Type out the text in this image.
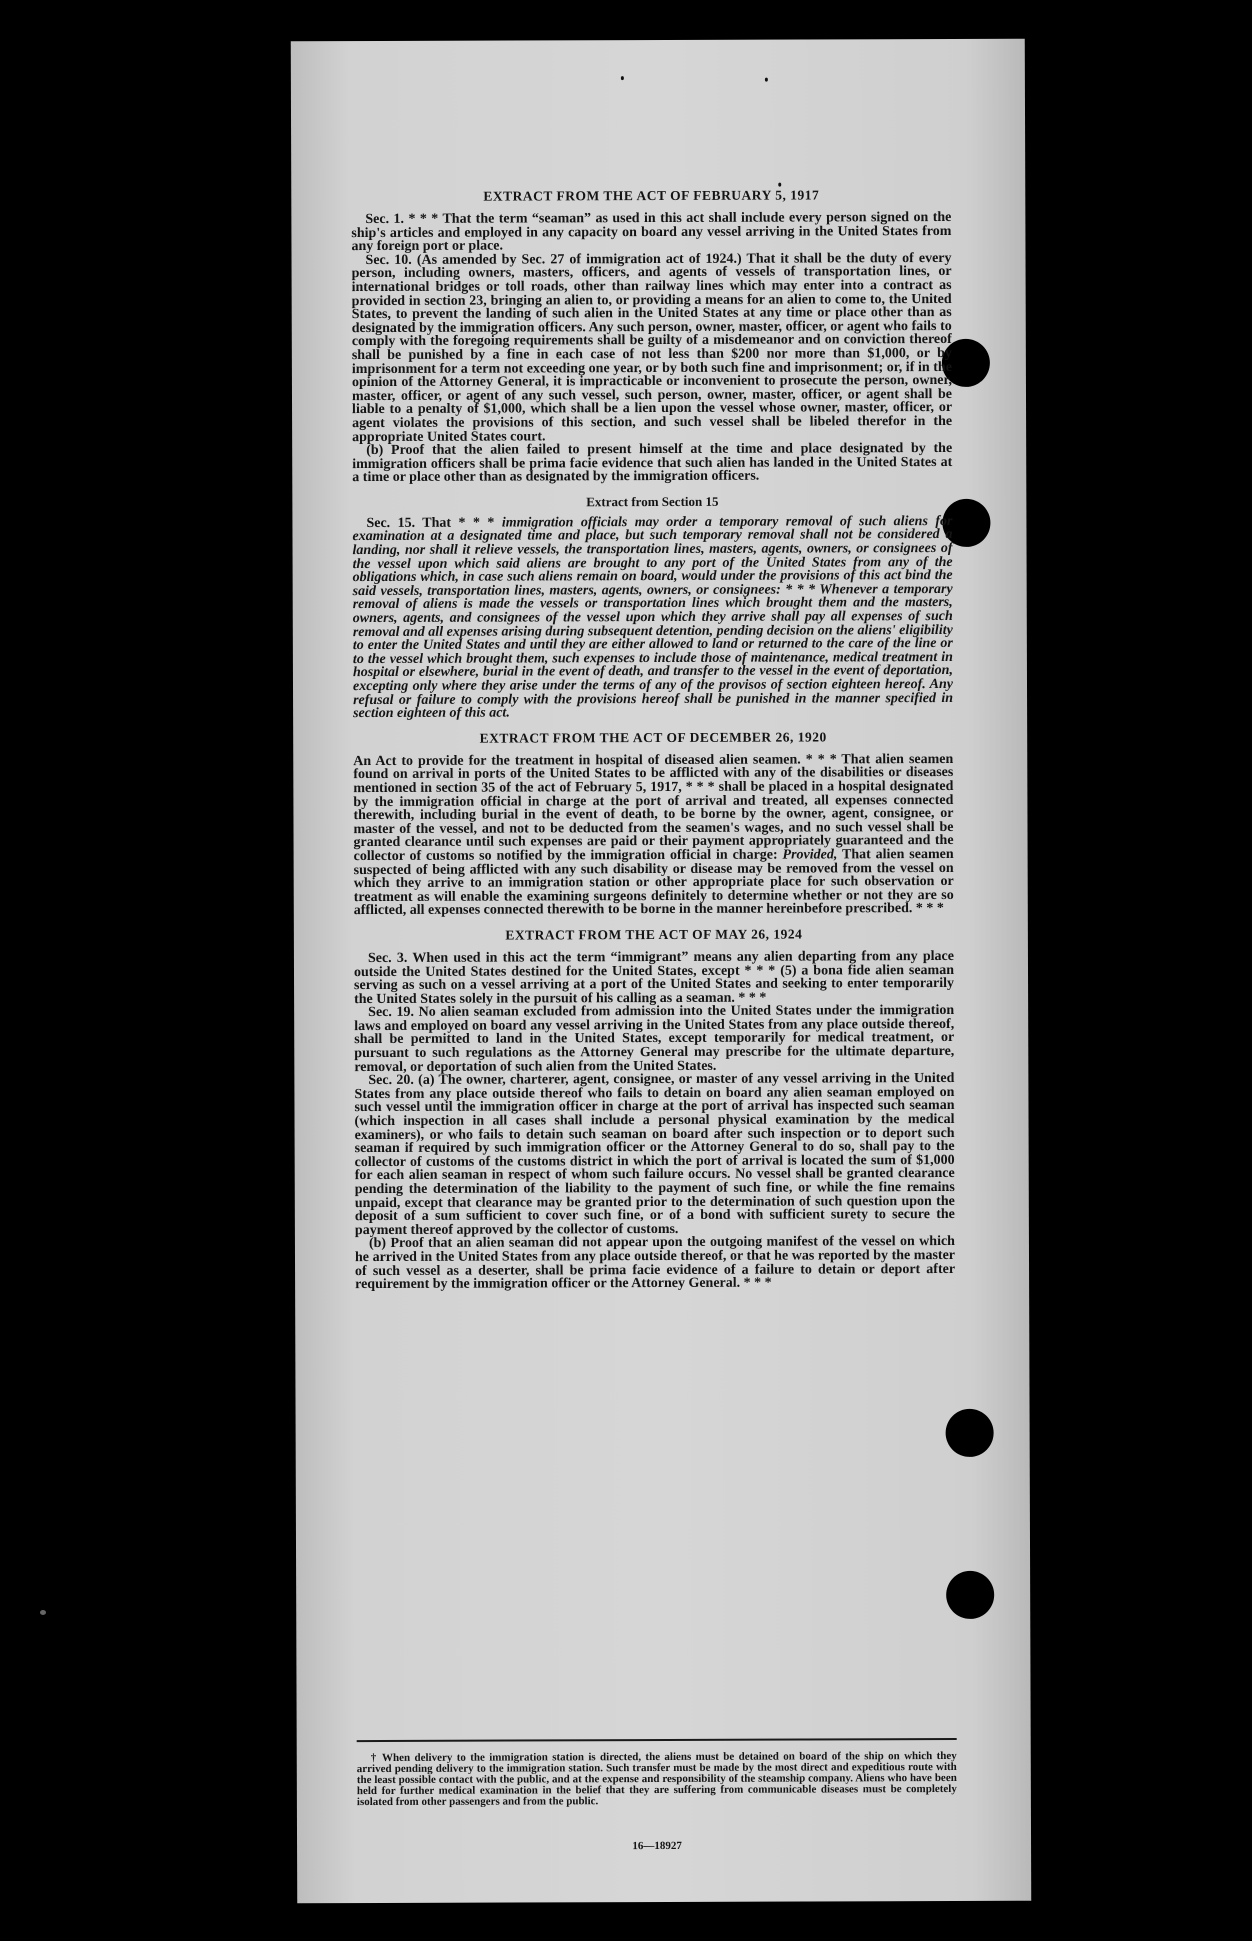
EXTRACT FROM THE ACT OF FEBRUARY 5, 1917

Sec. 1. * * * That the term “seaman” as used in this act shall include every person signed on the ship's articles and employed in any capacity on board any vessel arriving in the United States from any foreign port or place.

Sec. 10. (As amended by Sec. 27 of immigration act of 1924.) That it shall be the duty of every person, including owners, masters, officers, and agents of vessels of transportation lines, or international bridges or toll roads, other than railway lines which may enter into a contract as provided in section 23, bringing an alien to, or providing a means for an alien to come to, the United States, to prevent the landing of such alien in the United States at any time or place other than as designated by the immigration officers. Any such person, owner, master, officer, or agent who fails to comply with the foregoing requirements shall be guilty of a misdemeanor and on conviction thereof shall be punished by a fine in each case of not less than $200 nor more than $1,000, or by imprisonment for a term not exceeding one year, or by both such fine and imprisonment; or, if in the opinion of the Attorney General, it is impracticable or inconvenient to prosecute the person, owner, master, officer, or agent of any such vessel, such person, owner, master, officer, or agent shall be liable to a penalty of $1,000, which shall be a lien upon the vessel whose owner, master, officer, or agent violates the provisions of this section, and such vessel shall be libeled therefor in the appropriate United States court.

(b) Proof that the alien failed to present himself at the time and place designated by the immigration officers shall be prima facie evidence that such alien has landed in the United States at a time or place other than as designated by the immigration officers.

Extract from Section 15

Sec. 15. That * * * immigration officials may order a temporary removal of such aliens for examination at a designated time and place, but such temporary removal shall not be considered a landing, nor shall it relieve vessels, the transportation lines, masters, agents, owners, or consignees of the vessel upon which said aliens are brought to any port of the United States from any of the obligations which, in case such aliens remain on board, would under the provisions of this act bind the said vessels, transportation lines, masters, agents, owners, or consignees: * * * Whenever a temporary removal of aliens is made the vessels or transportation lines which brought them and the masters, owners, agents, and consignees of the vessel upon which they arrive shall pay all expenses of such removal and all expenses arising during subsequent detention, pending decision on the aliens' eligibility to enter the United States and until they are either allowed to land or returned to the care of the line or to the vessel which brought them, such expenses to include those of maintenance, medical treatment in hospital or elsewhere, burial in the event of death, and transfer to the vessel in the event of deportation, excepting only where they arise under the terms of any of the provisos of section eighteen hereof. Any refusal or failure to comply with the provisions hereof shall be punished in the manner specified in section eighteen of this act.

EXTRACT FROM THE ACT OF DECEMBER 26, 1920

An Act to provide for the treatment in hospital of diseased alien seamen. * * * That alien seamen found on arrival in ports of the United States to be afflicted with any of the disabilities or diseases mentioned in section 35 of the act of February 5, 1917, * * * shall be placed in a hospital designated by the immigration official in charge at the port of arrival and treated, all expenses connected therewith, including burial in the event of death, to be borne by the owner, agent, consignee, or master of the vessel, and not to be deducted from the seamen's wages, and no such vessel shall be granted clearance until such expenses are paid or their payment appropriately guaranteed and the collector of customs so notified by the immigration official in charge: Provided, That alien seamen suspected of being afflicted with any such disability or disease may be removed from the vessel on which they arrive to an immigration station or other appropriate place for such observation or treatment as will enable the examining surgeons definitely to determine whether or not they are so afflicted, all expenses connected therewith to be borne in the manner hereinbefore prescribed. * * *

EXTRACT FROM THE ACT OF MAY 26, 1924

Sec. 3. When used in this act the term “immigrant” means any alien departing from any place outside the United States destined for the United States, except * * * (5) a bona fide alien seaman serving as such on a vessel arriving at a port of the United States and seeking to enter temporarily the United States solely in the pursuit of his calling as a seaman. * * *

Sec. 19. No alien seaman excluded from admission into the United States under the immigration laws and employed on board any vessel arriving in the United States from any place outside thereof, shall be permitted to land in the United States, except temporarily for medical treatment, or pursuant to such regulations as the Attorney General may prescribe for the ultimate departure, removal, or deportation of such alien from the United States.

Sec. 20. (a) The owner, charterer, agent, consignee, or master of any vessel arriving in the United States from any place outside thereof who fails to detain on board any alien seaman employed on such vessel until the immigration officer in charge at the port of arrival has inspected such seaman (which inspection in all cases shall include a personal physical examination by the medical examiners), or who fails to detain such seaman on board after such inspection or to deport such seaman if required by such immigration officer or the Attorney General to do so, shall pay to the collector of customs of the customs district in which the port of arrival is located the sum of $1,000 for each alien seaman in respect of whom such failure occurs. No vessel shall be granted clearance pending the determination of the liability to the payment of such fine, or while the fine remains unpaid, except that clearance may be granted prior to the determination of such question upon the deposit of a sum sufficient to cover such fine, or of a bond with sufficient surety to secure the payment thereof approved by the collector of customs.

(b) Proof that an alien seaman did not appear upon the outgoing manifest of the vessel on which he arrived in the United States from any place outside thereof, or that he was reported by the master of such vessel as a deserter, shall be prima facie evidence of a failure to detain or deport after requirement by the immigration officer or the Attorney General. * * *

† When delivery to the immigration station is directed, the aliens must be detained on board of the ship on which they arrived pending delivery to the immigration station. Such transfer must be made by the most direct and expeditious route with the least possible contact with the public, and at the expense and responsibility of the steamship company. Aliens who have been held for further medical examination in the belief that they are suffering from communicable diseases must be completely isolated from other passengers and from the public.
16—18927
